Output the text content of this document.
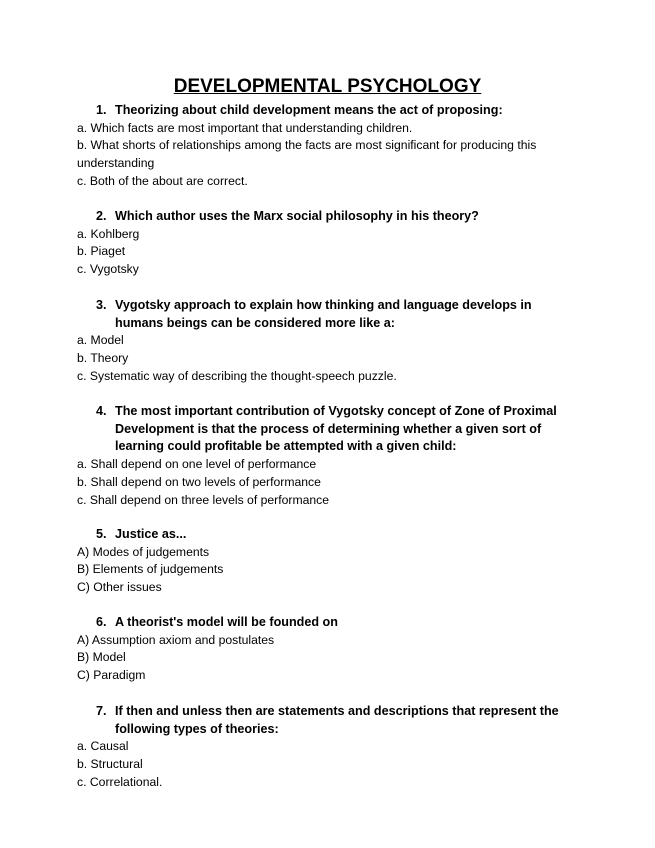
DEVELOPMENTAL PSYCHOLOGY
1. Theorizing about child development means the act of proposing:
a. Which facts are most important that understanding children.
b. What shorts of relationships among the facts are most significant for producing this understanding
c. Both of the about are correct.
2. Which author uses the Marx social philosophy in his theory?
a. Kohlberg
b. Piaget
c. Vygotsky
3. Vygotsky approach to explain how thinking and language develops in humans beings can be considered more like a:
a. Model
b. Theory
c. Systematic way of describing the thought-speech puzzle.
4. The most important contribution of Vygotsky concept of Zone of Proximal Development is that the process of determining whether a given sort of learning could profitable be attempted with a given child:
a. Shall depend on one level of performance
b. Shall depend on two levels of performance
c. Shall depend on three levels of performance
5. Justice as...
A) Modes of judgements
B) Elements of judgements
C) Other issues
6. A theorist's model will be founded on
A) Assumption axiom and postulates
B) Model
C) Paradigm
7. If then and unless then are statements and descriptions that represent the following types of theories:
a. Causal
b. Structural
c. Correlational.
